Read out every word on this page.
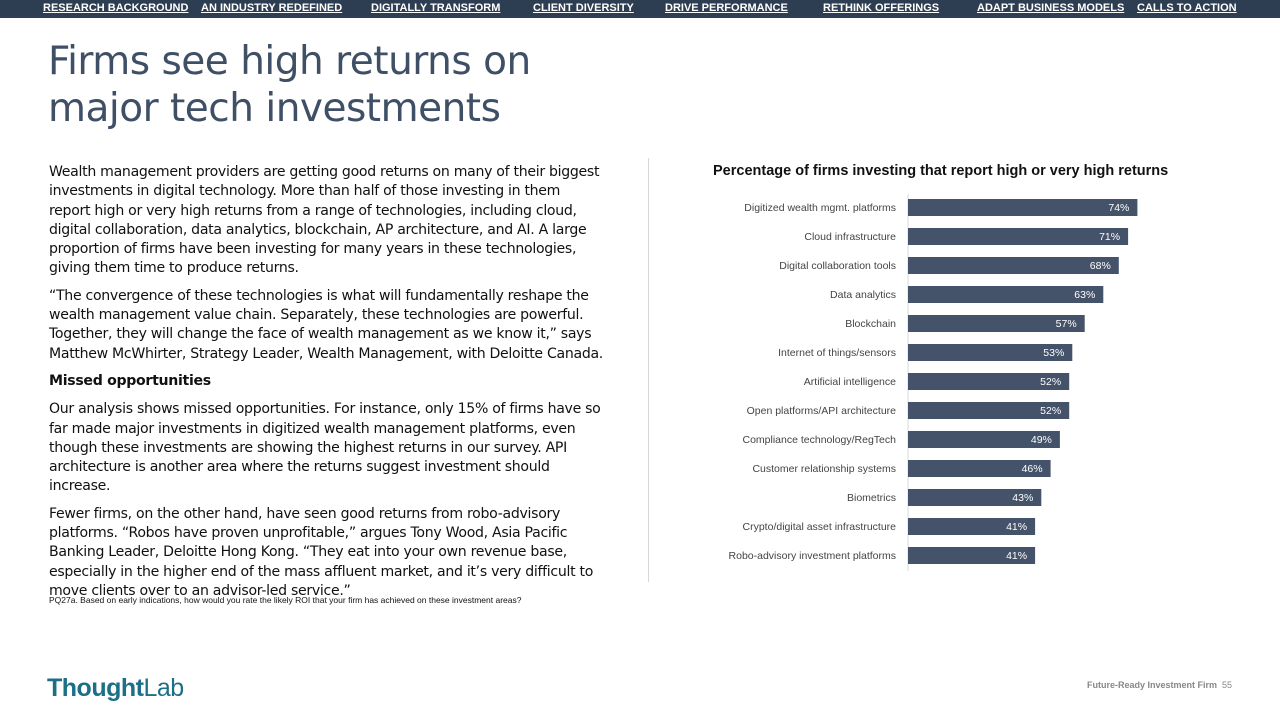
RESEARCH BACKGROUND AN INDUSTRY REDEFINED	DIGITALLY TRANSFORM	CLIENT DIVERSITY	DRIVE PERFORMANCE	RETHINK OFFERINGS	ADAPT BUSINESS MODELS CALLS TO ACTION
Firms see high returns on
major tech investments

Wealth management providers are getting good returns on many of their biggest investments in digital technology. More than half of those investing in them report high or very high returns from a range of technologies, including cloud, digital collaboration, data analytics, blockchain, AP architecture, and AI. A large proportion of firms have been investing for many years in these technologies, giving them time to produce returns.

“The convergence of these technologies is what will fundamentally reshape the wealth management value chain. Separately, these technologies are powerful. Together, they will change the face of wealth management as we know it,” says Matthew McWhirter, Strategy Leader, Wealth Management, with Deloitte Canada.

Missed opportunities

Our analysis shows missed opportunities. For instance, only 15% of firms have so far made major investments in digitized wealth management platforms, even though these investments are showing the highest returns in our survey. API architecture is another area where the returns suggest investment should increase.

Fewer firms, on the other hand, have seen good returns from robo-advisory platforms. “Robos have proven unprofitable,” argues Tony Wood, Asia Pacific Banking Leader, Deloitte Hong Kong. “They eat into your own revenue base, especially in the higher end of the mass affluent market, and it’s very difficult to move clients over to an advisor-led service.”

PQ27a. Based on early indications, how would you rate the likely ROI that your firm has achieved on these investment areas?
Percentage of firms investing that report high or very high returns
Digitized wealth mgmt. platforms	74%
Cloud infrastructure	71%
Digital collaboration tools	68%
Data analytics	63%
Blockchain	57%
Internet of things/sensors	53%
Artificial intelligence	52%
Open platforms/API architecture	52%
Compliance technology/RegTech	49%
Customer relationship systems	46%
Biometrics	43%
Crypto/digital asset infrastructure	41%
Robo-advisory investment platforms	41%
ThoughtLab	Future-Ready Investment Firm 55
